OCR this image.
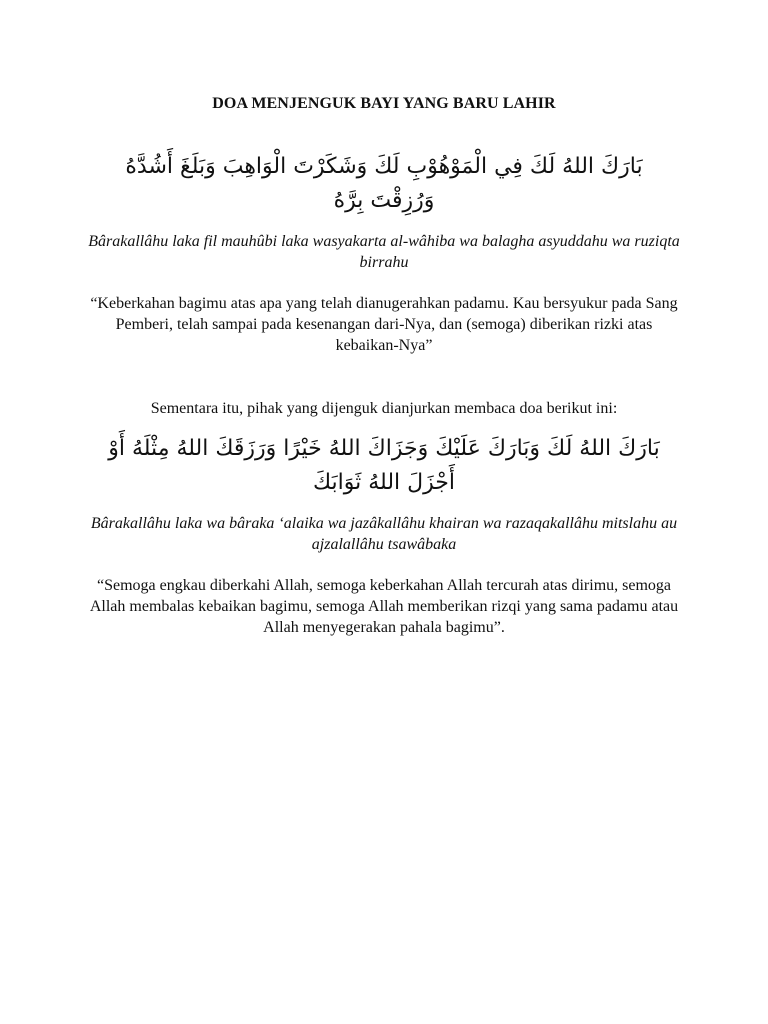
DOA MENJENGUK BAYI YANG BARU LAHIR
بَارَكَ اللهُ لَكَ فِي الْمَوْهُوْبِ لَكَ وَشَكَرْتَ الْوَاهِبَ وَبَلَغَ أَشُدَّهُ وَرُزِقْتَ بِرَّهُ
Bârakallâhu laka fil mauhûbi laka wasyakarta al-wâhiba wa balagha asyuddahu wa ruziqta birrahu
“Keberkahan bagimu atas apa yang telah dianugerahkan padamu. Kau bersyukur pada Sang Pemberi, telah sampai pada kesenangan dari-Nya, dan (semoga) diberikan rizki atas kebaikan-Nya”
Sementara itu, pihak yang dijenguk dianjurkan membaca doa berikut ini:
بَارَكَ اللهُ لَكَ وَبَارَكَ عَلَيْكَ وَجَزَاكَ اللهُ خَيْرًا وَرَزَقَكَ اللهُ مِثْلَهُ أَوْ أَجْزَلَ اللهُ ثَوَابَكَ
Bârakallâhu laka wa bâraka ‘alaika wa jazâkallâhu khairan wa razaqakallâhu mitslahu au ajzalallâhu tsawâbaka
“Semoga engkau diberkahi Allah, semoga keberkahan Allah tercurah atas dirimu, semoga Allah membalas kebaikan bagimu, semoga Allah memberikan rizqi yang sama padamu atau Allah menyegerakan pahala bagimu”.
